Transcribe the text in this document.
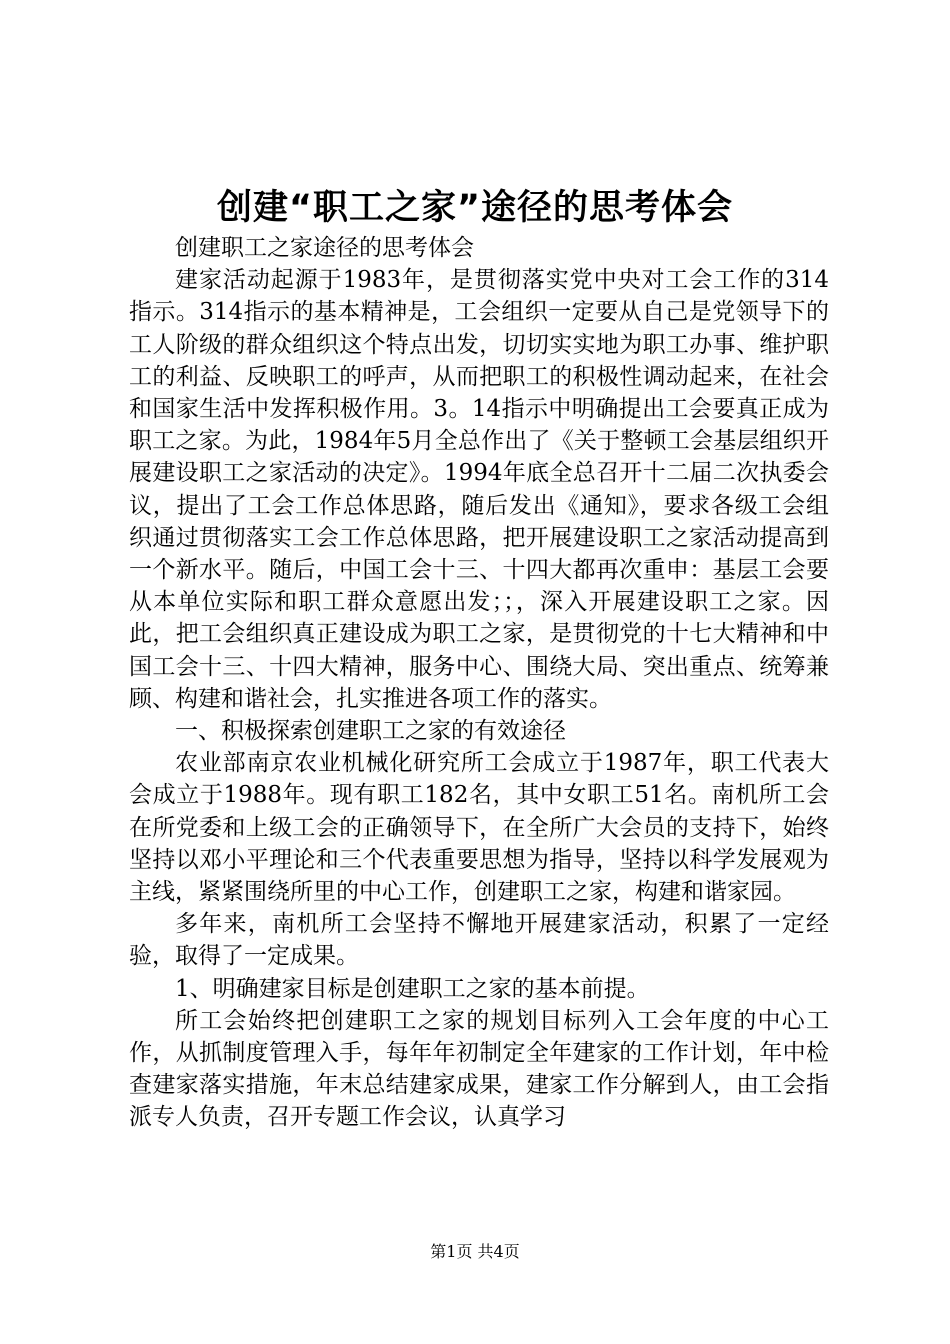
创建“职工之家”途径的思考体会

创建职工之家途径的思考体会

建家活动起源于1983年，是贯彻落实党中央对工会工作的314指示。314指示的基本精神是，工会组织一定要从自己是党领导下的工人阶级的群众组织这个特点出发，切切实实地为职工办事、维护职工的利益、反映职工的呼声，从而把职工的积极性调动起来，在社会和国家生活中发挥积极作用。3。14指示中明确提出工会要真正成为职工之家。为此，1984年5月全总作出了《关于整顿工会基层组织开展建设职工之家活动的决定》。1994年底全总召开十二届二次执委会议，提出了工会工作总体思路，随后发出《通知》，要求各级工会组织通过贯彻落实工会工作总体思路，把开展建设职工之家活动提高到一个新水平。随后，中国工会十三、十四大都再次重申：基层工会要从本单位实际和职工群众意愿出发；；，深入开展建设职工之家。因此，把工会组织真正建设成为职工之家，是贯彻党的十七大精神和中国工会十三、十四大精神，服务中心、围绕大局、突出重点、统筹兼顾、构建和谐社会，扎实推进各项工作的落实。

一、积极探索创建职工之家的有效途径

农业部南京农业机械化研究所工会成立于1987年，职工代表大会成立于1988年。现有职工182名，其中女职工51名。南机所工会在所党委和上级工会的正确领导下，在全所广大会员的支持下，始终坚持以邓小平理论和三个代表重要思想为指导，坚持以科学发展观为主线，紧紧围绕所里的中心工作，创建职工之家，构建和谐家园。

多年来，南机所工会坚持不懈地开展建家活动，积累了一定经验，取得了一定成果。

1、明确建家目标是创建职工之家的基本前提。

所工会始终把创建职工之家的规划目标列入工会年度的中心工作，从抓制度管理入手，每年年初制定全年建家的工作计划，年中检查建家落实措施，年末总结建家成果，建家工作分解到人，由工会指派专人负责，召开专题工作会议，认真学习

第1页 共4页
